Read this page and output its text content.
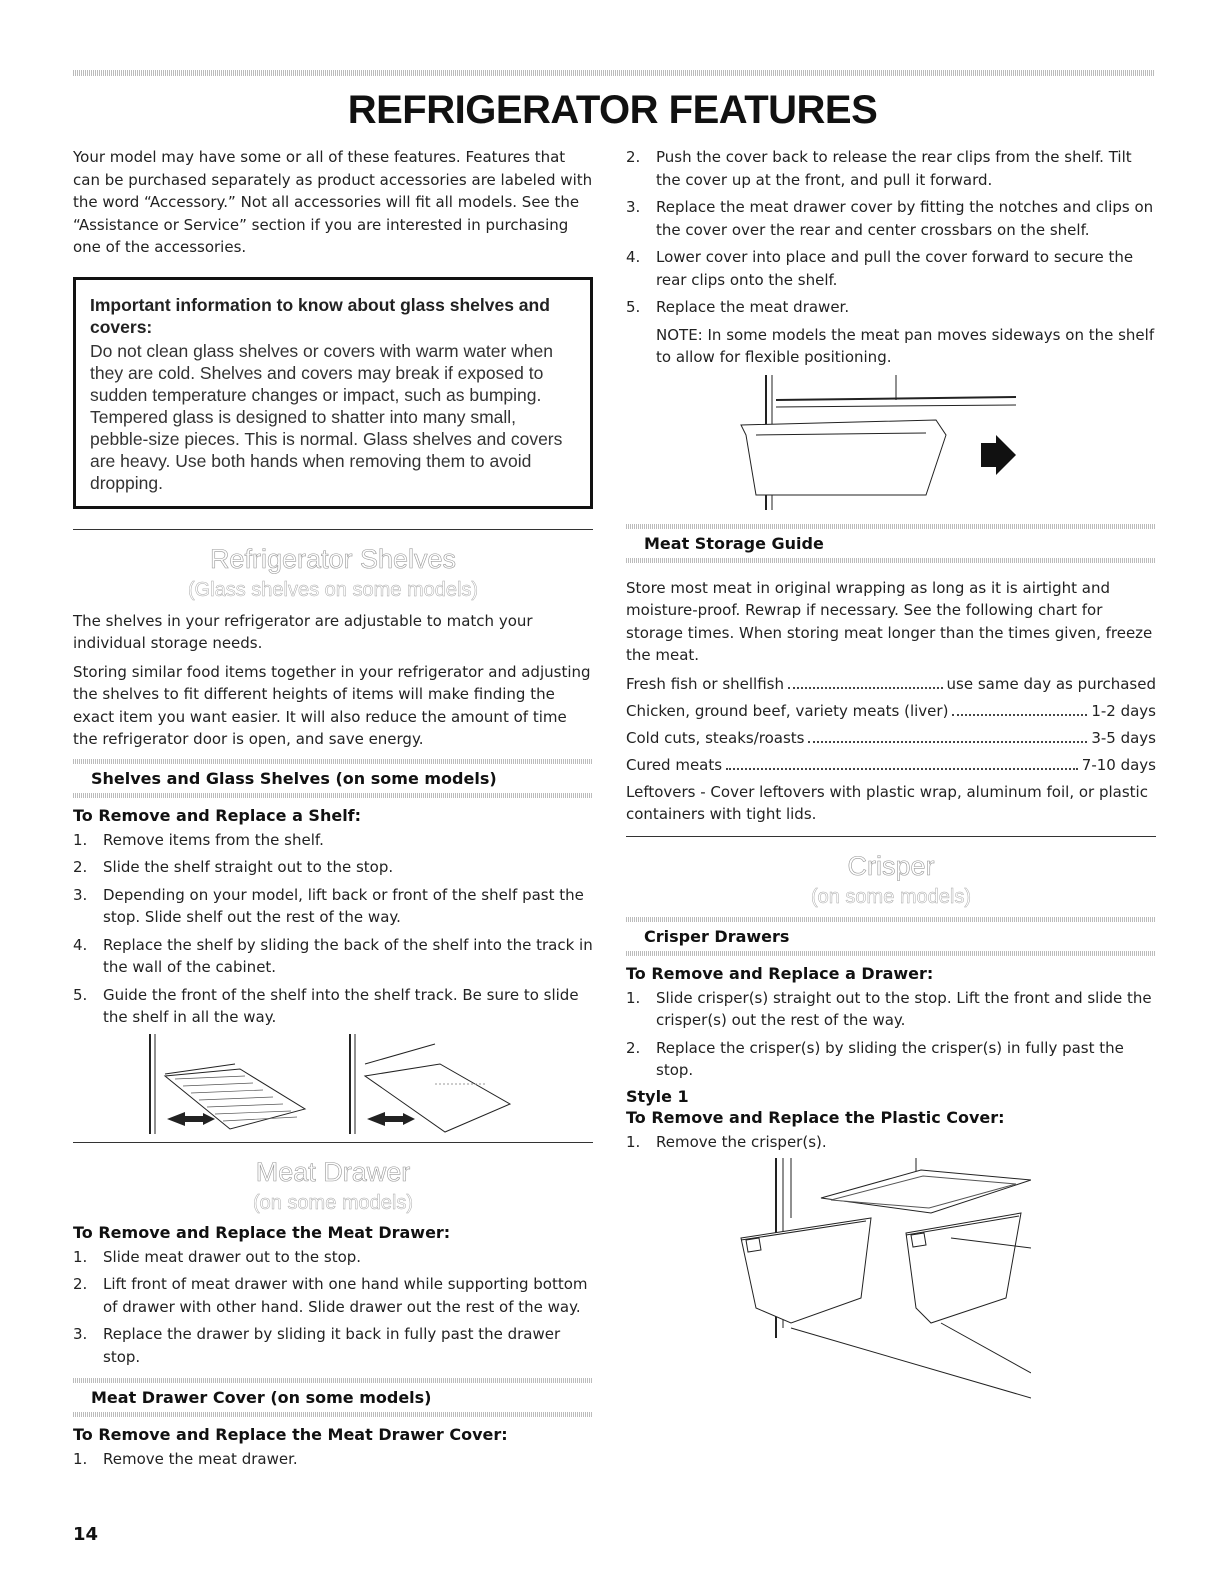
REFRIGERATOR FEATURES

Your model may have some or all of these features. Features that can be purchased separately as product accessories are labeled with the word “Accessory.” Not all accessories will fit all models. See the “Assistance or Service” section if you are interested in purchasing one of the accessories.

Important information to know about glass shelves and covers:
Do not clean glass shelves or covers with warm water when they are cold. Shelves and covers may break if exposed to sudden temperature changes or impact, such as bumping. Tempered glass is designed to shatter into many small, pebble-size pieces. This is normal. Glass shelves and covers are heavy. Use both hands when removing them to avoid dropping.
Refrigerator Shelves
(Glass shelves on some models)

The shelves in your refrigerator are adjustable to match your individual storage needs.

Storing similar food items together in your refrigerator and adjusting the shelves to fit different heights of items will make finding the exact item you want easier. It will also reduce the amount of time the refrigerator door is open, and save energy.

Shelves and Glass Shelves (on some models)
To Remove and Replace a Shelf:
1. Remove items from the shelf.
2. Slide the shelf straight out to the stop.
3. Depending on your model, lift back or front of the shelf past the stop. Slide shelf out the rest of the way.
4. Replace the shelf by sliding the back of the shelf into the track in the wall of the cabinet.
5. Guide the front of the shelf into the shelf track. Be sure to slide the shelf in all the way.
Meat Drawer
(on some models)
To Remove and Replace the Meat Drawer:
1. Slide meat drawer out to the stop.
2. Lift front of meat drawer with one hand while supporting bottom of drawer with other hand. Slide drawer out the rest of the way.
3. Replace the drawer by sliding it back in fully past the drawer stop.
Meat Drawer Cover (on some models)
To Remove and Replace the Meat Drawer Cover:
1. Remove the meat drawer.
2. Push the cover back to release the rear clips from the shelf. Tilt the cover up at the front, and pull it forward.
3. Replace the meat drawer cover by fitting the notches and clips on the cover over the rear and center crossbars on the shelf.
4. Lower cover into place and pull the cover forward to secure the rear clips onto the shelf.
5. Replace the meat drawer.

NOTE: In some models the meat pan moves sideways on the shelf to allow for flexible positioning.

Meat Storage Guide

Store most meat in original wrapping as long as it is airtight and moisture-proof. Rewrap if necessary. See the following chart for storage times. When storing meat longer than the times given, freeze the meat.

Fresh fish or shellfish	use same day as purchased
Chicken, ground beef, variety meats (liver)	1-2 days
Cold cuts, steaks/roasts	3-5 days
Cured meats	7-10 days

Leftovers - Cover leftovers with plastic wrap, aluminum foil, or plastic containers with tight lids.

Crisper
(on some models)
Crisper Drawers
To Remove and Replace a Drawer:
1. Slide crisper(s) straight out to the stop. Lift the front and slide the crisper(s) out the rest of the way.
2. Replace the crisper(s) by sliding the crisper(s) in fully past the stop.
Style 1
To Remove and Replace the Plastic Cover:
1. Remove the crisper(s).
14
